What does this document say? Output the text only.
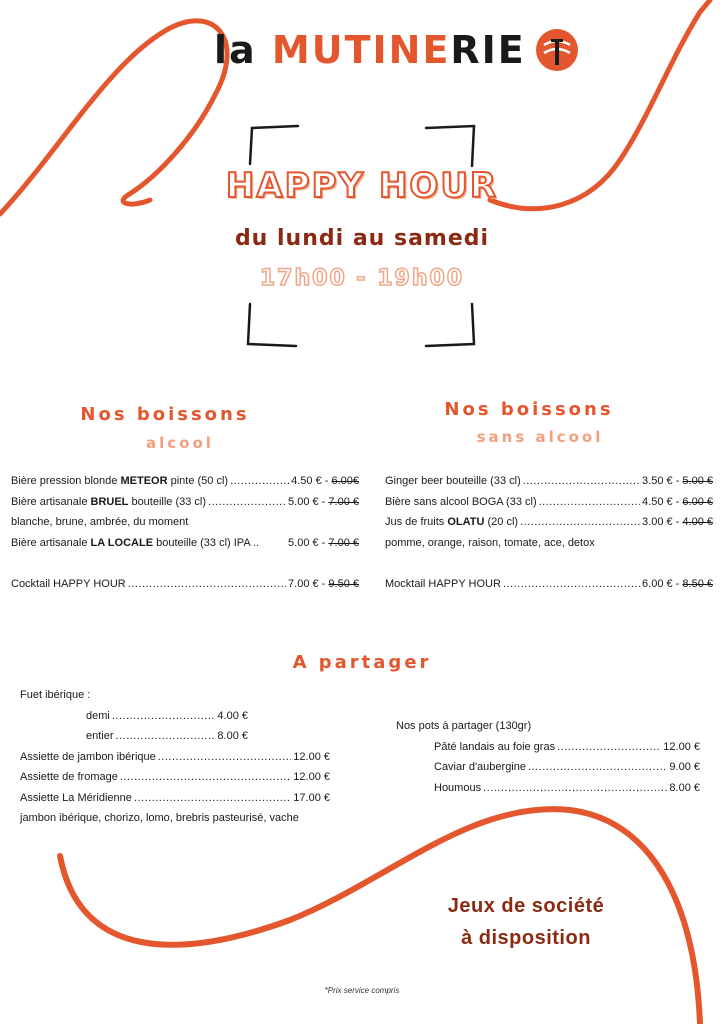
la MUTINERIE
HAPPY HOUR
du lundi au samedi
17h00 - 19h00
Nos boissons
alcool
Bière pression blonde METEOR pinte (50 cl) .....	4.50 € - 6.00€
Bière artisanale BRUEL bouteille (33 cl) .....	5.00 € - 7.00 €
blanche, brune, ambrée, du moment
Bière artisanale LA LOCALE bouteille (33 cl) IPA ..	5.00 € - 7.00 €
Cocktail HAPPY HOUR .....	7.00 € - 9.50 €
Nos boissons
sans alcool
Ginger beer bouteille (33 cl) .....	3.50 € - 5.00 €
Bière sans alcool BOGA (33 cl) .....	4.50 € - 6.00 €
Jus de fruits OLATU (20 cl) .....	3.00 € - 4.00 €
pomme, orange, raison, tomate, ace, detox
Mocktail HAPPY HOUR .....	6.00 € - 8.50 €
A partager
Fuet ibérique :
demi .....	4.00 €
entier .....	8.00 €
Assiette de jambon ibérique .....	12.00 €
Assiette de fromage .....	12.00 €
Assiette La Méridienne .....	17.00 €
jambon ibérique, chorizo, lomo, brebris pasteurisé, vache
Nos pots à partager (130gr)
Pâté landais au foie gras .....	12.00 €
Caviar d'aubergine .....	9.00 €
Houmous .....	8.00 €
Jeux de société
à disposition
*Prix service compris
